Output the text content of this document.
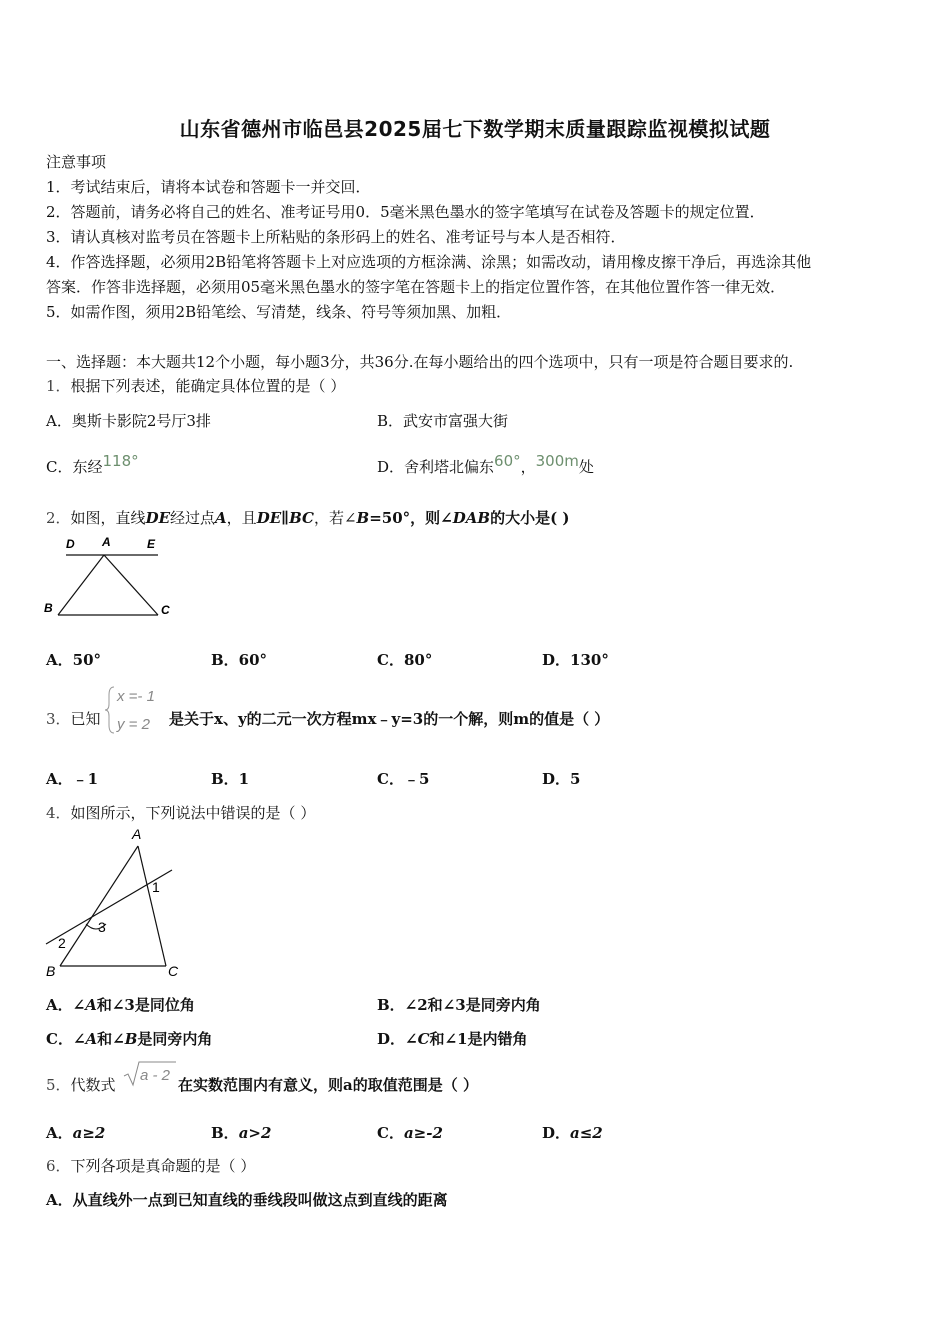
山东省德州市临邑县2025届七下数学期末质量跟踪监视模拟试题
注意事项
1．考试结束后，请将本试卷和答题卡一并交回．
2．答题前，请务必将自己的姓名、准考证号用0．5毫米黑色墨水的签字笔填写在试卷及答题卡的规定位置．
3．请认真核对监考员在答题卡上所粘贴的条形码上的姓名、准考证号与本人是否相符．
4．作答选择题，必须用2B铅笔将答题卡上对应选项的方框涂满、涂黑；如需改动，请用橡皮擦干净后，再选涂其他
答案．作答非选择题，必须用05毫米黑色墨水的签字笔在答题卡上的指定位置作答，在其他位置作答一律无效．
5．如需作图，须用2B铅笔绘、写清楚，线条、符号等须加黑、加粗．
一、选择题：本大题共12个小题，每小题3分，共36分.在每小题给出的四个选项中，只有一项是符合题目要求的.
1．根据下列表述，能确定具体位置的是（ ）
A．奥斯卡影院2号厅3排	B．武安市富强大街
C．东经118°	D．舍利塔北偏东60°，300m处
2．如图，直线DE经过点A，且DE∥BC，若∠B=50°，则∠DAB的大小是( )
D A	E
B	C
A．50°	B．60°	C．80°	D．130°
3．已知
x =- 1
y = 2 是关于x、y的二元一次方程mx﹣y=3的一个解，则m的值是（ ）
A．﹣1	B．1	C．﹣5	D．5
4．如图所示，下列说法中错误的是（ ）
A
1
3
2
B	C
A．∠A和∠3是同位角	B．∠2和∠3是同旁内角
C．∠A和∠B是同旁内角	D．∠C和∠1是内错角
5．代数式
a - 2
在实数范围内有意义，则a的取值范围是（ ）
A．a≥2	B．a>2	C．a≥-2	D．a≤2
6．下列各项是真命题的是（ ）
A．从直线外一点到已知直线的垂线段叫做这点到直线的距离
